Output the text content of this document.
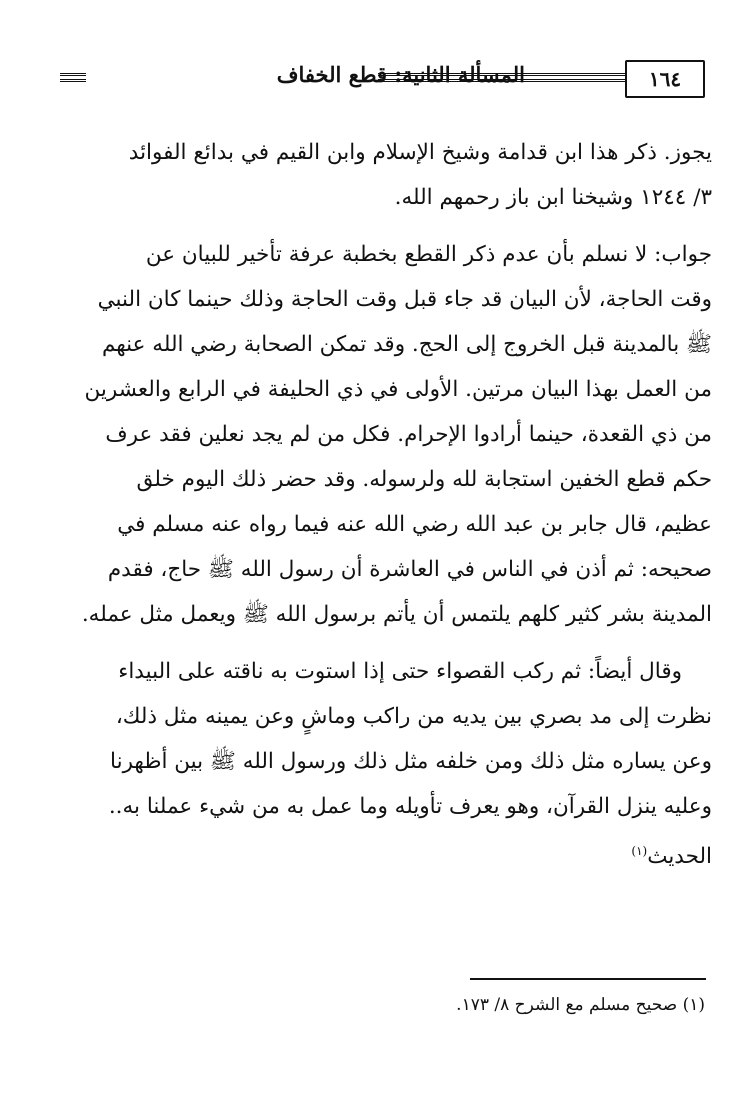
١٦٤
المسألة الثانية: قطع الخفاف

يجوز. ذكر هذا ابن قدامة وشيخ الإسلام وابن القيم في بدائع الفوائد

٣/ ١٢٤٤ وشيخنا ابن باز رحمهم الله.

جواب: لا نسلم بأن عدم ذكر القطع بخطبة عرفة تأخير للبيان عن

وقت الحاجة، لأن البيان قد جاء قبل وقت الحاجة وذلك حينما كان النبي

ﷺ بالمدينة قبل الخروج إلى الحج. وقد تمكن الصحابة رضي الله عنهم

من العمل بهذا البيان مرتين. الأولى في ذي الحليفة في الرابع والعشرين

من ذي القعدة، حينما أرادوا الإحرام. فكل من لم يجد نعلين فقد عرف

حكم قطع الخفين استجابة لله ولرسوله. وقد حضر ذلك اليوم خلق

عظيم، قال جابر بن عبد الله رضي الله عنه فيما رواه عنه مسلم في

صحيحه: ثم أذن في الناس في العاشرة أن رسول الله ﷺ حاج، فقدم

المدينة بشر كثير كلهم يلتمس أن يأتم برسول الله ﷺ ويعمل مثل عمله.

وقال أيضاً: ثم ركب القصواء حتى إذا استوت به ناقته على البيداء

نظرت إلى مد بصري بين يديه من راكب وماشٍ وعن يمينه مثل ذلك،

وعن يساره مثل ذلك ومن خلفه مثل ذلك ورسول الله ﷺ بين أظهرنا

وعليه ينزل القرآن، وهو يعرف تأويله وما عمل به من شيء عملنا به..

الحديث$^{(١)}$

(١) صحيح مسلم مع الشرح ٨/ ١٧٣.
